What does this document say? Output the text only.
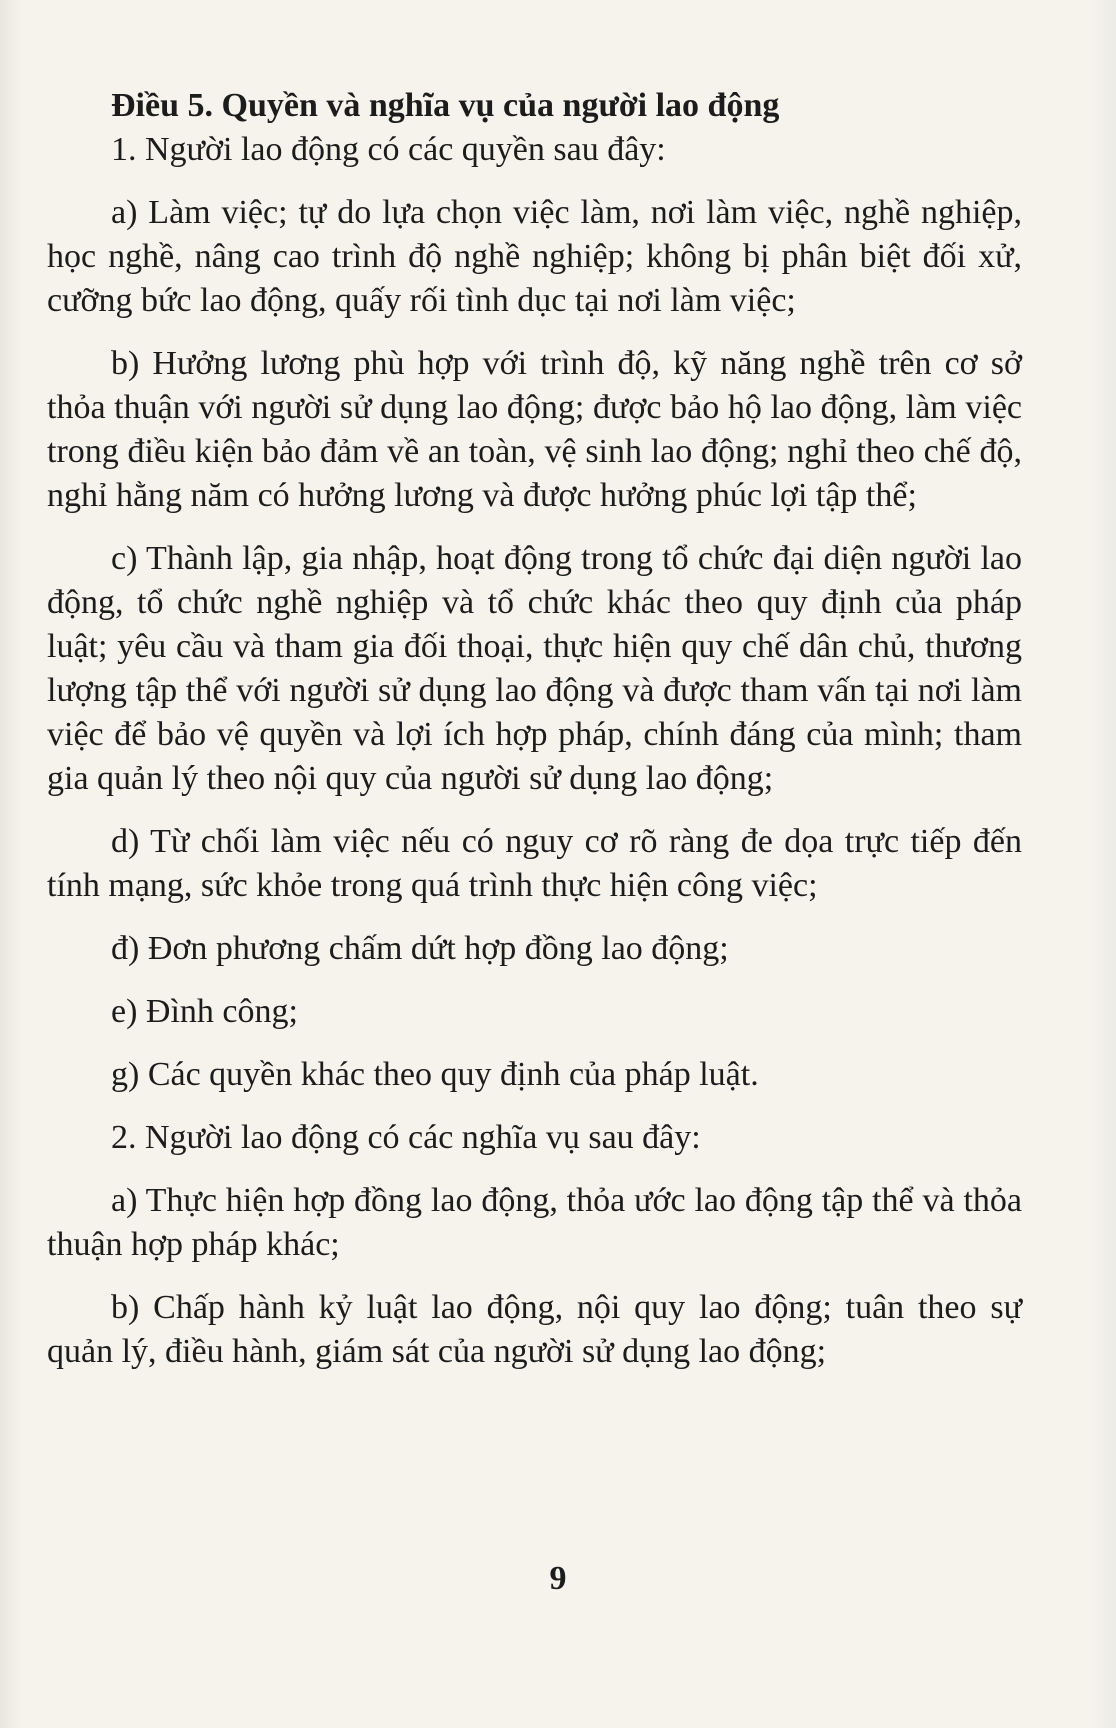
Điều 5. Quyền và nghĩa vụ của người lao động

1. Người lao động có các quyền sau đây:

a) Làm việc; tự do lựa chọn việc làm, nơi làm việc, nghề nghiệp, học nghề, nâng cao trình độ nghề nghiệp; không bị phân biệt đối xử, cưỡng bức lao động, quấy rối tình dục tại nơi làm việc;

b) Hưởng lương phù hợp với trình độ, kỹ năng nghề trên cơ sở thỏa thuận với người sử dụng lao động; được bảo hộ lao động, làm việc trong điều kiện bảo đảm về an toàn, vệ sinh lao động; nghỉ theo chế độ, nghỉ hằng năm có hưởng lương và được hưởng phúc lợi tập thể;

c) Thành lập, gia nhập, hoạt động trong tổ chức đại diện người lao động, tổ chức nghề nghiệp và tổ chức khác theo quy định của pháp luật; yêu cầu và tham gia đối thoại, thực hiện quy chế dân chủ, thương lượng tập thể với người sử dụng lao động và được tham vấn tại nơi làm việc để bảo vệ quyền và lợi ích hợp pháp, chính đáng của mình; tham gia quản lý theo nội quy của người sử dụng lao động;

d) Từ chối làm việc nếu có nguy cơ rõ ràng đe dọa trực tiếp đến tính mạng, sức khỏe trong quá trình thực hiện công việc;

đ) Đơn phương chấm dứt hợp đồng lao động;

e) Đình công;

g) Các quyền khác theo quy định của pháp luật.

2. Người lao động có các nghĩa vụ sau đây:

a) Thực hiện hợp đồng lao động, thỏa ước lao động tập thể và thỏa thuận hợp pháp khác;

b) Chấp hành kỷ luật lao động, nội quy lao động; tuân theo sự quản lý, điều hành, giám sát của người sử dụng lao động;

9
